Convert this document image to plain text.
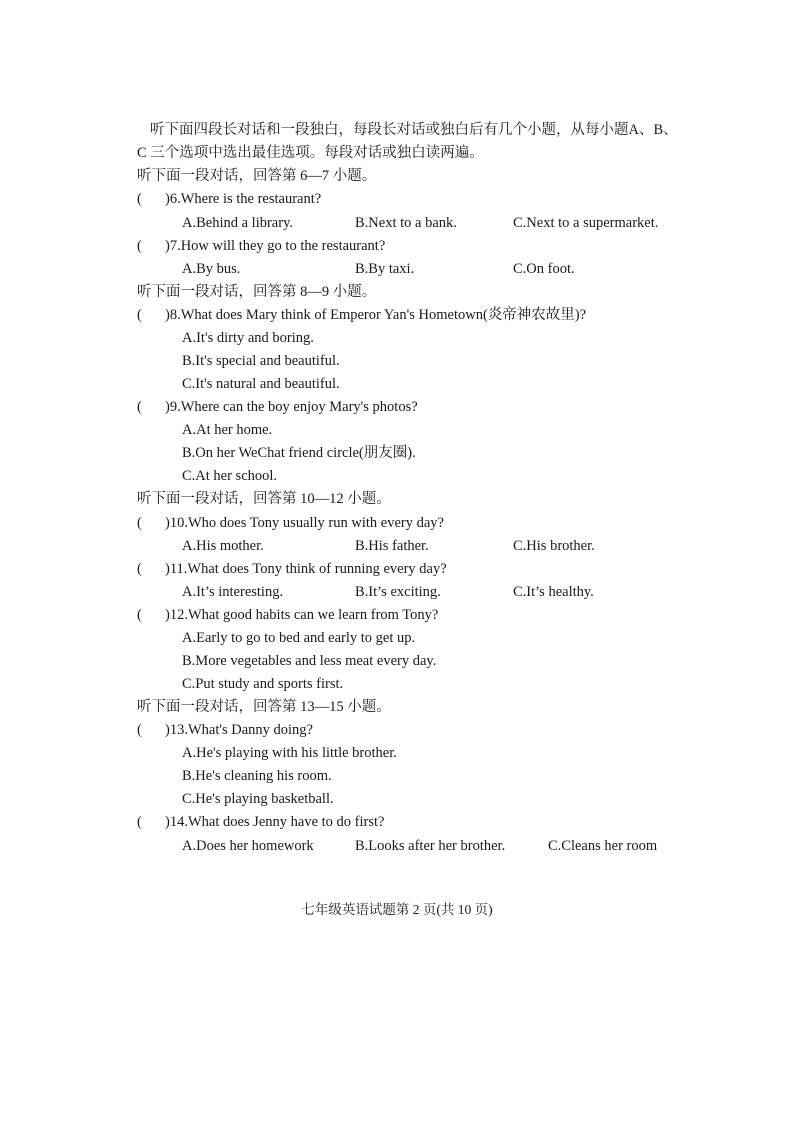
听下面四段长对话和一段独白，每段长对话或独白后有几个小题，从每小题A、B、
C 三个选项中选出最佳选项。每段对话或独白读两遍。
听下面一段对话，回答第 6—7 小题。
( )6.Where is the restaurant?
A.Behind a library.	B.Next to a bank.	C.Next to a supermarket.
( )7.How will they go to the restaurant?
A.By bus.	B.By taxi.	C.On foot.
听下面一段对话，回答第 8—9 小题。
( )8.What does Mary think of Emperor Yan's Hometown(炎帝神农故里)?
A.It's dirty and boring.
B.It's special and beautiful.
C.It's natural and beautiful.
( )9.Where can the boy enjoy Mary's photos?
A.At her home.
B.On her WeChat friend circle(朋友圈).
C.At her school.
听下面一段对话，回答第 10—12 小题。
( )10.Who does Tony usually run with every day?
A.His mother.	B.His father.	C.His brother.
( )11.What does Tony think of running every day?
A.It’s interesting.	B.It’s exciting.	C.It’s healthy.
( )12.What good habits can we learn from Tony?
A.Early to go to bed and early to get up.
B.More vegetables and less meat every day.
C.Put study and sports first.
听下面一段对话，回答第 13—15 小题。
( )13.What's Danny doing?
A.He's playing with his little brother.
B.He's cleaning his room.
C.He's playing basketball.
( )14.What does Jenny have to do first?
A.Does her homework	B.Looks after her brother.	C.Cleans her room
七年级英语试题第 2 页(共 10 页)
